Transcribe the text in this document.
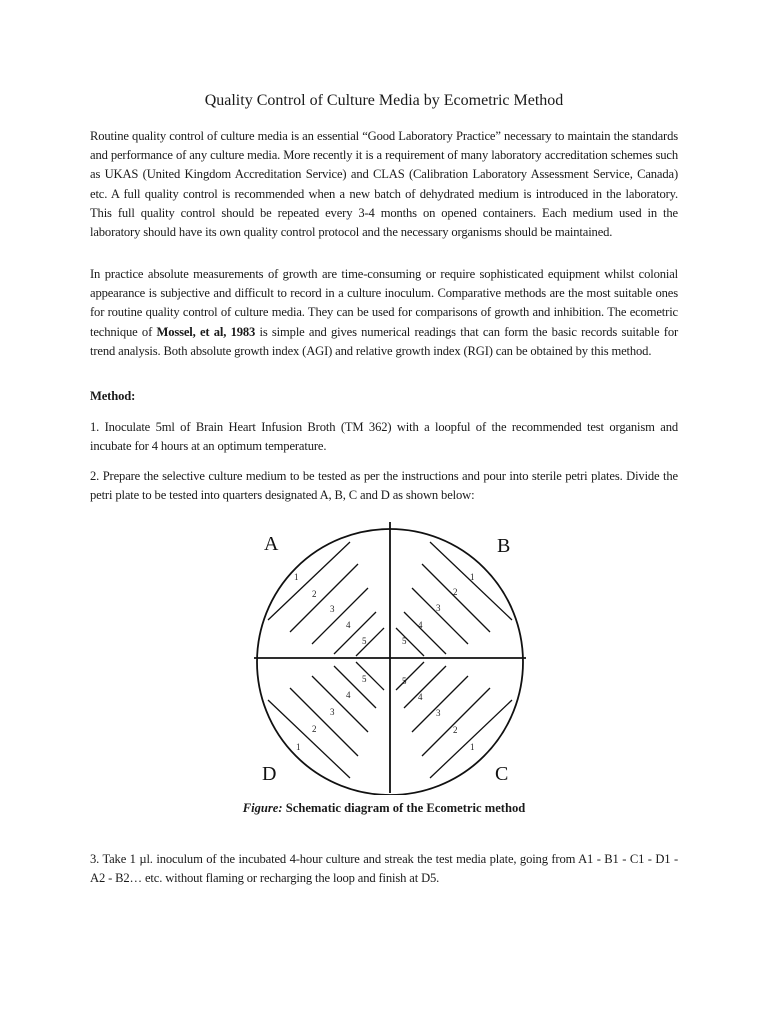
Quality Control of Culture Media by Ecometric Method

Routine quality control of culture media is an essential “Good Laboratory Practice” necessary to maintain the standards and performance of any culture media. More recently it is a requirement of many laboratory accreditation schemes such as UKAS (United Kingdom Accreditation Service) and CLAS (Calibration Laboratory Assessment Service, Canada) etc. A full quality control is recommended when a new batch of dehydrated medium is introduced in the laboratory. This full quality control should be repeated every 3-4 months on opened containers. Each medium used in the laboratory should have its own quality control protocol and the necessary organisms should be maintained.

In practice absolute measurements of growth are time-consuming or require sophisticated equipment whilst colonial appearance is subjective and difficult to record in a culture inoculum. Comparative methods are the most suitable ones for routine quality control of culture media. They can be used for comparisons of growth and inhibition. The ecometric technique of Mossel, et al, 1983 is simple and gives numerical readings that can form the basic records suitable for trend analysis. Both absolute growth index (AGI) and relative growth index (RGI) can be obtained by this method.

Method:

1. Inoculate 5ml of Brain Heart Infusion Broth (TM 362) with a loopful of the recommended test organism and incubate for 4 hours at an optimum temperature.

2. Prepare the selective culture medium to be tested as per the instructions and pour into sterile petri plates. Divide the petri plate to be tested into quarters designated A, B, C and D as shown below:

A	B
C
D
1
2
3
4
5
1
2
3
4
5
1
2
3
4
5
1
2
3
4
5
Figure: Schematic diagram of the Ecometric method

3. Take 1 µl. inoculum of the incubated 4-hour culture and streak the test media plate, going from A1 - B1 - C1 - D1 - A2 - B2… etc. without flaming or recharging the loop and finish at D5.
